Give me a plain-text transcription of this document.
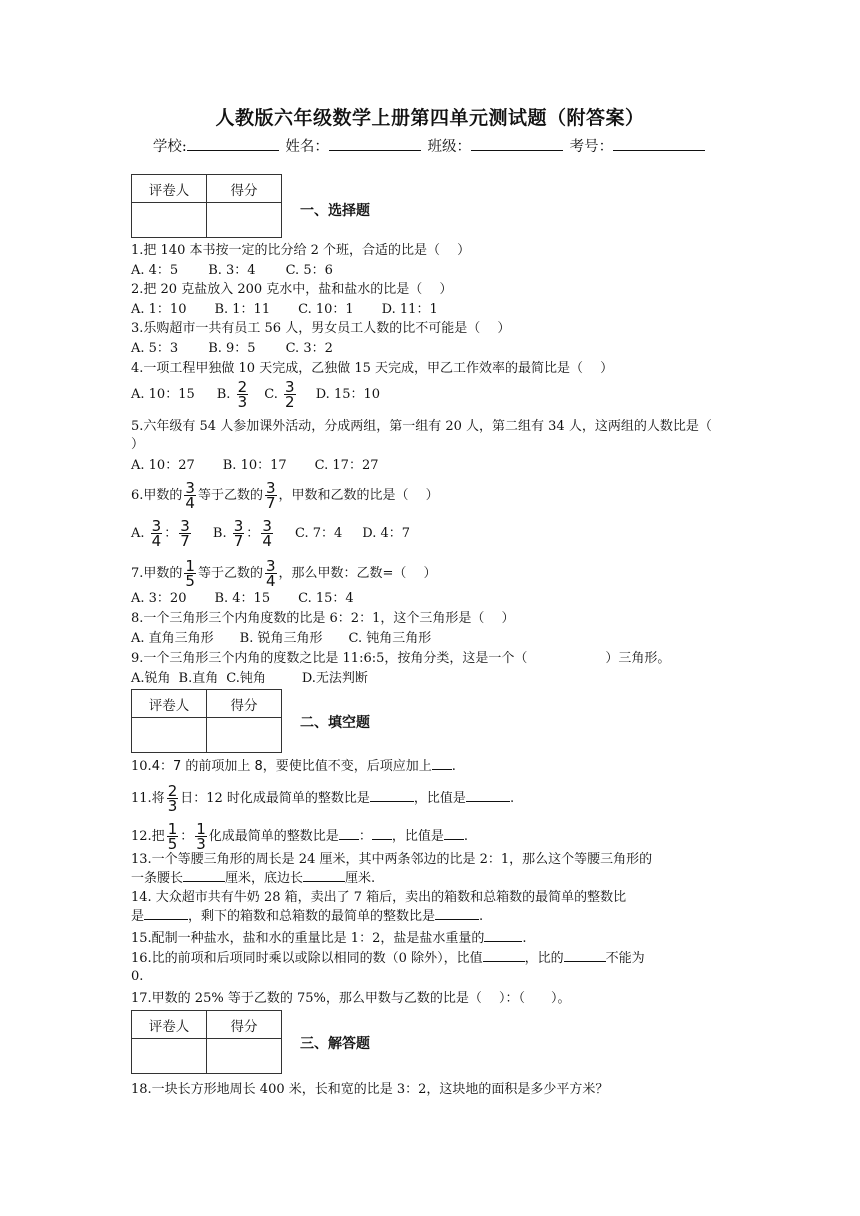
人教版六年级数学上册第四单元测试题（附答案）
学校:	姓名：	班级：	考号：
评卷人	得分

一、选择题
1.把 140 本书按一定的比分给 2 个班，合适的比是（　 ）
A. 4：5 B. 3：4 C. 5：6
2.把 20 克盐放入 200 克水中，盐和盐水的比是（　 ）
A. 1：10 B. 1：11 C. 10：1 D. 11：1
3.乐购超市一共有员工 56 人，男女员工人数的比不可能是（　 ）
A. 5：3 B. 9：5 C. 3：2
4.一项工程甲独做 10 天完成，乙独做 15 天完成，甲乙工作效率的最简比是（　 ）
A. 10：15 B. $\frac{2}{3} C$. $\frac{3}{2} D$. 15：10
5.六年级有 54 人参加课外活动，分成两组，第一组有 20 人，第二组有 34 人，这两组的人数比是（　 ）
A. 10：27 B. 10：17 C. 17：27
6.甲数的 $\frac{3}{4}$ 等于乙数的 $\frac{3}{7}$ ，甲数和乙数的比是（　 ）
A. $\frac{3}{4}$ ： $\frac{3}{7} B$. $\frac{3}{7}$ ： $\frac{3}{4} C$. 7：4 D. 4：7
7.甲数的 $\frac{1}{5}$ 等于乙数的 $\frac{3}{4}$ ，那么甲数：乙数=（　 ）
A. 3：20 B. 4：15 C. 15：4
8.一个三角形三个内角度数的比是 6：2：1，这个三角形是（　 ）
A. 直角三角形 B. 锐角三角形 C. 钝角三角形
9.一个三角形三个内角的度数之比是 11:6:5，按角分类，这是一个（　　　　　　）三角形。
A.锐角 B.直角 C.钝角	D.无法判断
评卷人	得分

二、填空题
10.4：7 的前项加上 8，要使比值不变，后项应加上 .
11.将 $\frac{2}{3}$ 日：12 时化成最简单的整数比是	，比值是	.
12.把 $\frac{1}{5}$ ： $\frac{1}{3}$ 化成最简单的整数比是 ： ，比值是 .
13.一个等腰三角形的周长是 24 厘米，其中两条邻边的比是 2：1，那么这个等腰三角形的
一条腰长	厘米，底边长	厘米.
14. 大众超市共有牛奶 28 箱，卖出了 7 箱后，卖出的箱数和总箱数的最简单的整数比
是	，剩下的箱数和总箱数的最简单的整数比是	.
15.配制一种盐水，盐和水的重量比是 1：2，盐是盐水重量的	.
16.比的前项和后项同时乘以或除以相同的数（0 除外），比值	，比的	不能为
0.
17.甲数的 25% 等于乙数的 75%，那么甲数与乙数的比是（　 ）：（　　）。
评卷人	得分

三、解答题
18.一块长方形地周长 400 米，长和宽的比是 3：2，这块地的面积是多少平方米？
